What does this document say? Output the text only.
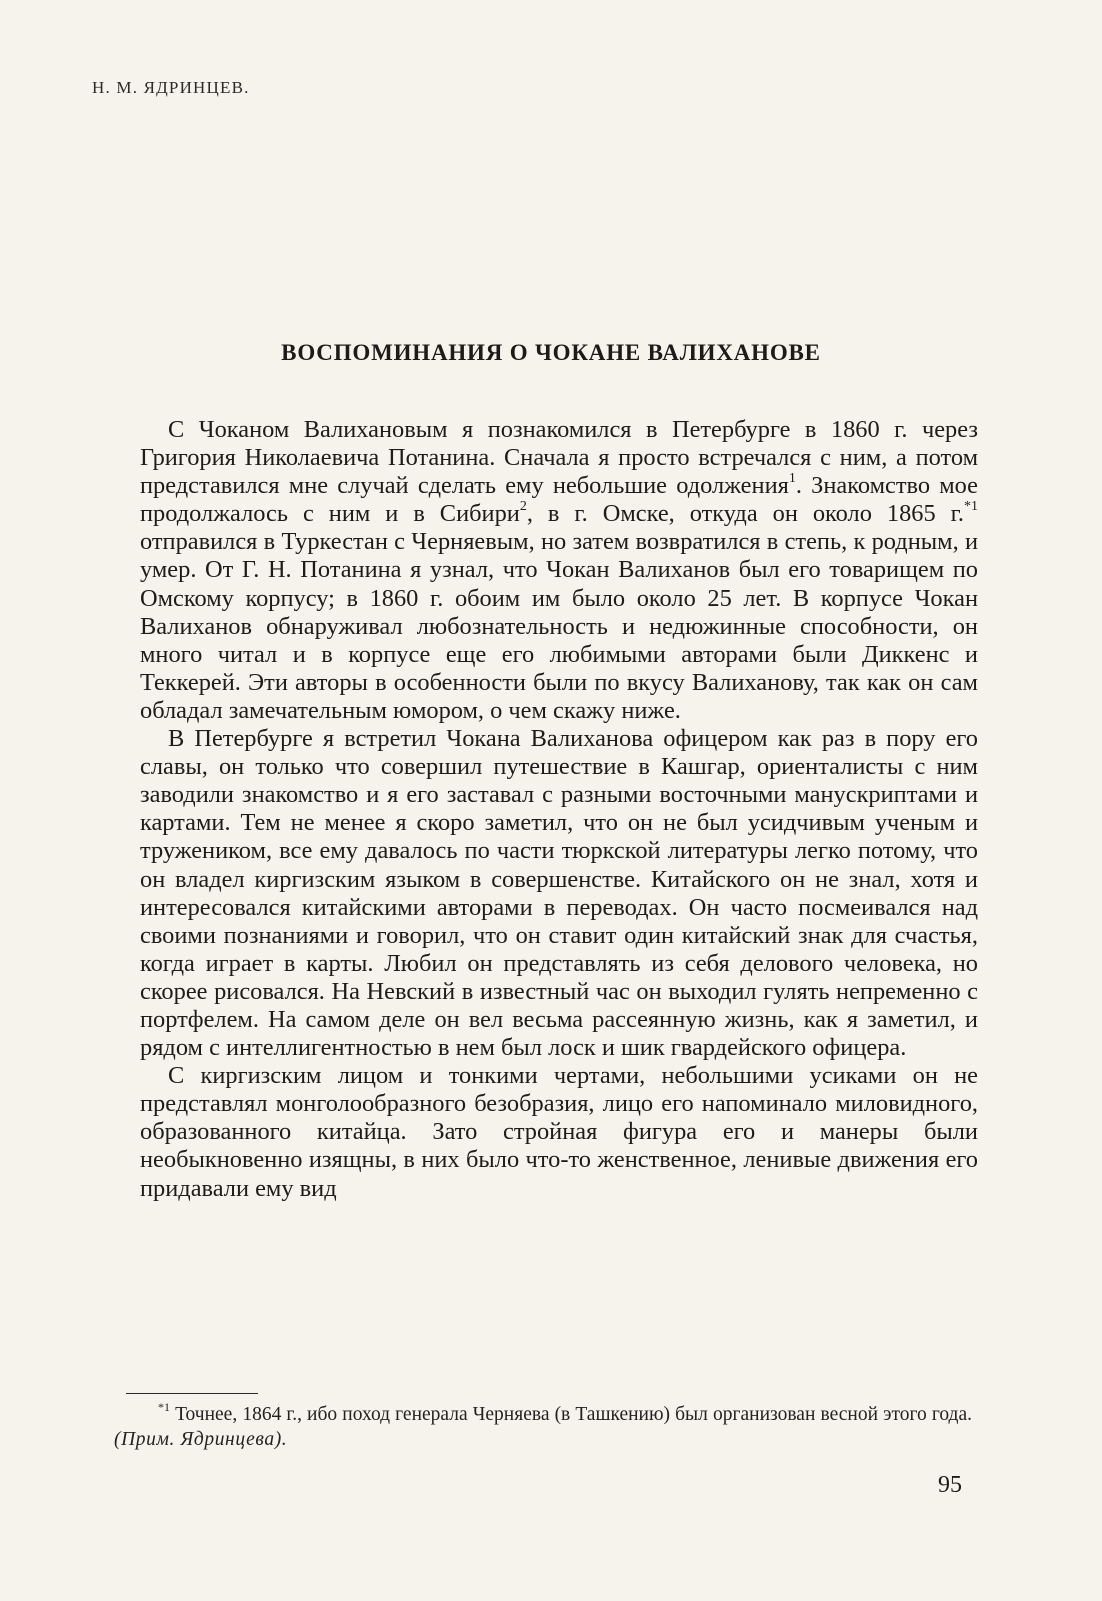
Н. М. ЯДРИНЦЕВ.
ВОСПОМИНАНИЯ О ЧОКАНЕ ВАЛИХАНОВЕ

С Чоканом Валихановым я познакомился в Петербурге в 1860 г. через Григория Николаевича Потанина. Сначала я просто встречался с ним, а потом представился мне случай сделать ему небольшие одолжения$^1$. Знакомство мое продолжалось с ним и в Сибири$^2$, в г. Омске, откуда он около 1865 г.$^{*1}$ отправился в Туркестан с Черняевым, но затем возвратился в степь, к родным, и умер. От Г. Н. Потанина я узнал, что Чокан Валиханов был его товарищем по Омскому корпусу; в 1860 г. обоим им было около 25 лет. В корпусе Чокан Валиханов обнаруживал любознательность и недюжинные способности, он много читал и в корпусе еще его любимыми авторами были Диккенс и Теккерей. Эти авторы в особенности были по вкусу Валиханову, так как он сам обладал замечательным юмором, о чем скажу ниже.

В Петербурге я встретил Чокана Валиханова офицером как раз в пору его славы, он только что совершил путешествие в Кашгар, ориенталисты с ним заводили знакомство и я его заставал с разными восточными манускриптами и картами. Тем не менее я скоро заметил, что он не был усидчивым ученым и тружеником, все ему давалось по части тюркской литературы легко потому, что он владел киргизским языком в совершенстве. Китайского он не знал, хотя и интересовался китайскими авторами в переводах. Он часто посмеивался над своими познаниями и говорил, что он ставит один китайский знак для счастья, когда играет в карты. Любил он представлять из себя делового человека, но скорее рисовался. На Невский в известный час он выходил гулять непременно с портфелем. На самом деле он вел весьма рассеянную жизнь, как я заметил, и рядом с интеллигентностью в нем был лоск и шик гвардейского офицера.

С киргизским лицом и тонкими чертами, небольшими усиками он не представлял монголообразного безобразия, лицо его напоминало миловидного, образованного китайца. Зато стройная фигура его и манеры были необыкновенно изящны, в них было что-то женственное, ленивые движения его придавали ему вид

$^{*1}$ Точнее, 1864 г., ибо поход генерала Черняева (в Ташкению) был организован весной этого года. (Прим. Ядринцева).
95
